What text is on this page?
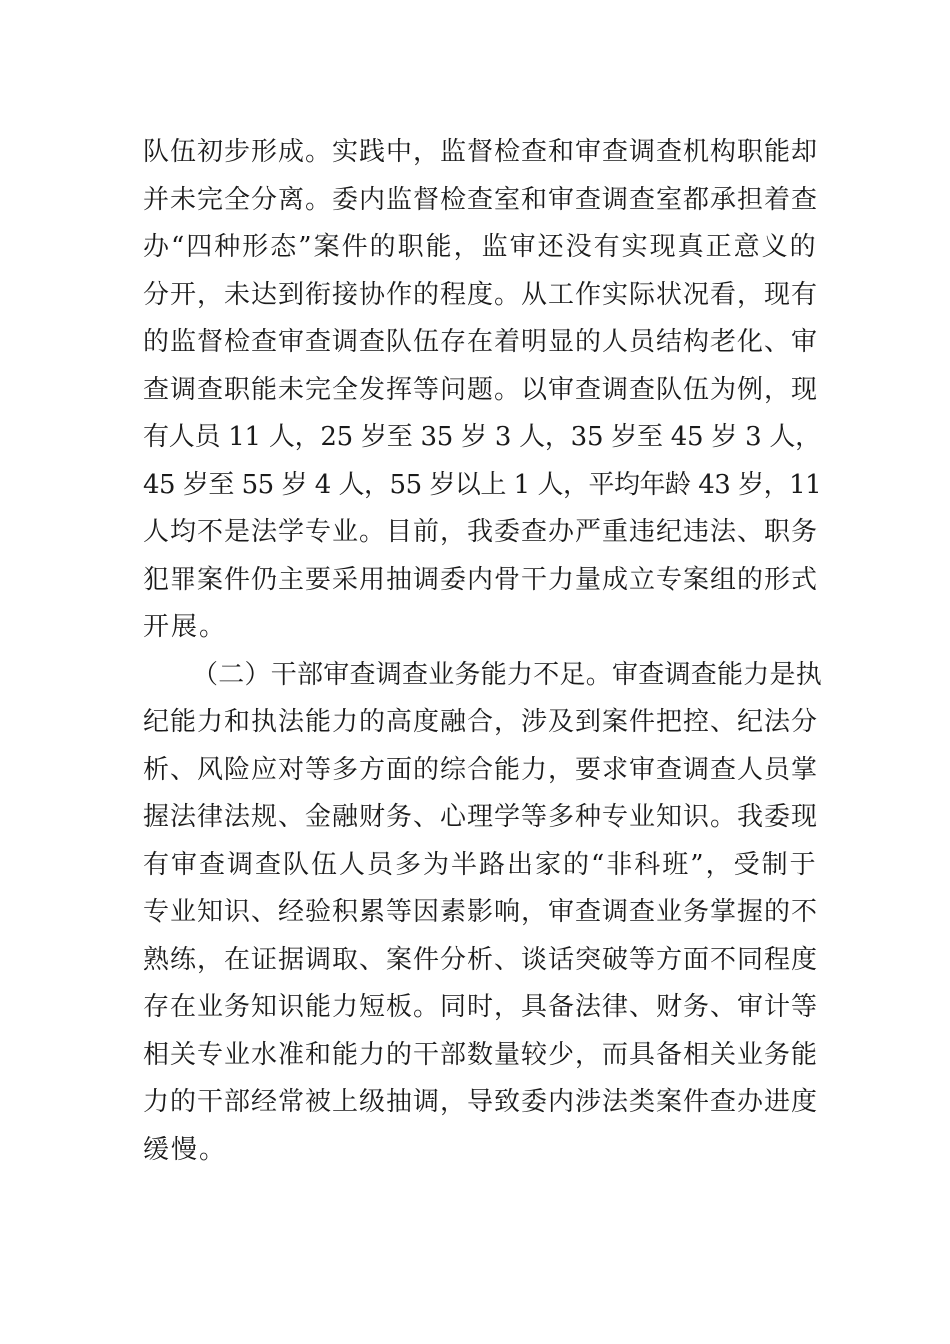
队伍初步形成。实践中，监督检查和审查调查机构职能却
并未完全分离。委内监督检查室和审查调查室都承担着查
办“四种形态”案件的职能，监审还没有实现真正意义的
分开，未达到衔接协作的程度。从工作实际状况看，现有
的监督检查审查调查队伍存在着明显的人员结构老化、审
查调查职能未完全发挥等问题。以审查调查队伍为例，现
有人员 11 人，25 岁至 35 岁 3 人，35 岁至 45 岁 3 人，
45 岁至 55 岁 4 人，55 岁以上 1 人，平均年龄 43 岁，11
人均不是法学专业。目前，我委查办严重违纪违法、职务
犯罪案件仍主要采用抽调委内骨干力量成立专案组的形式
开展。
（二）干部审查调查业务能力不足。审查调查能力是执
纪能力和执法能力的高度融合，涉及到案件把控、纪法分
析、风险应对等多方面的综合能力，要求审查调查人员掌
握法律法规、金融财务、心理学等多种专业知识。我委现
有审查调查队伍人员多为半路出家的“非科班”，受制于
专业知识、经验积累等因素影响，审查调查业务掌握的不
熟练，在证据调取、案件分析、谈话突破等方面不同程度
存在业务知识能力短板。同时，具备法律、财务、审计等
相关专业水准和能力的干部数量较少，而具备相关业务能
力的干部经常被上级抽调，导致委内涉法类案件查办进度
缓慢。
